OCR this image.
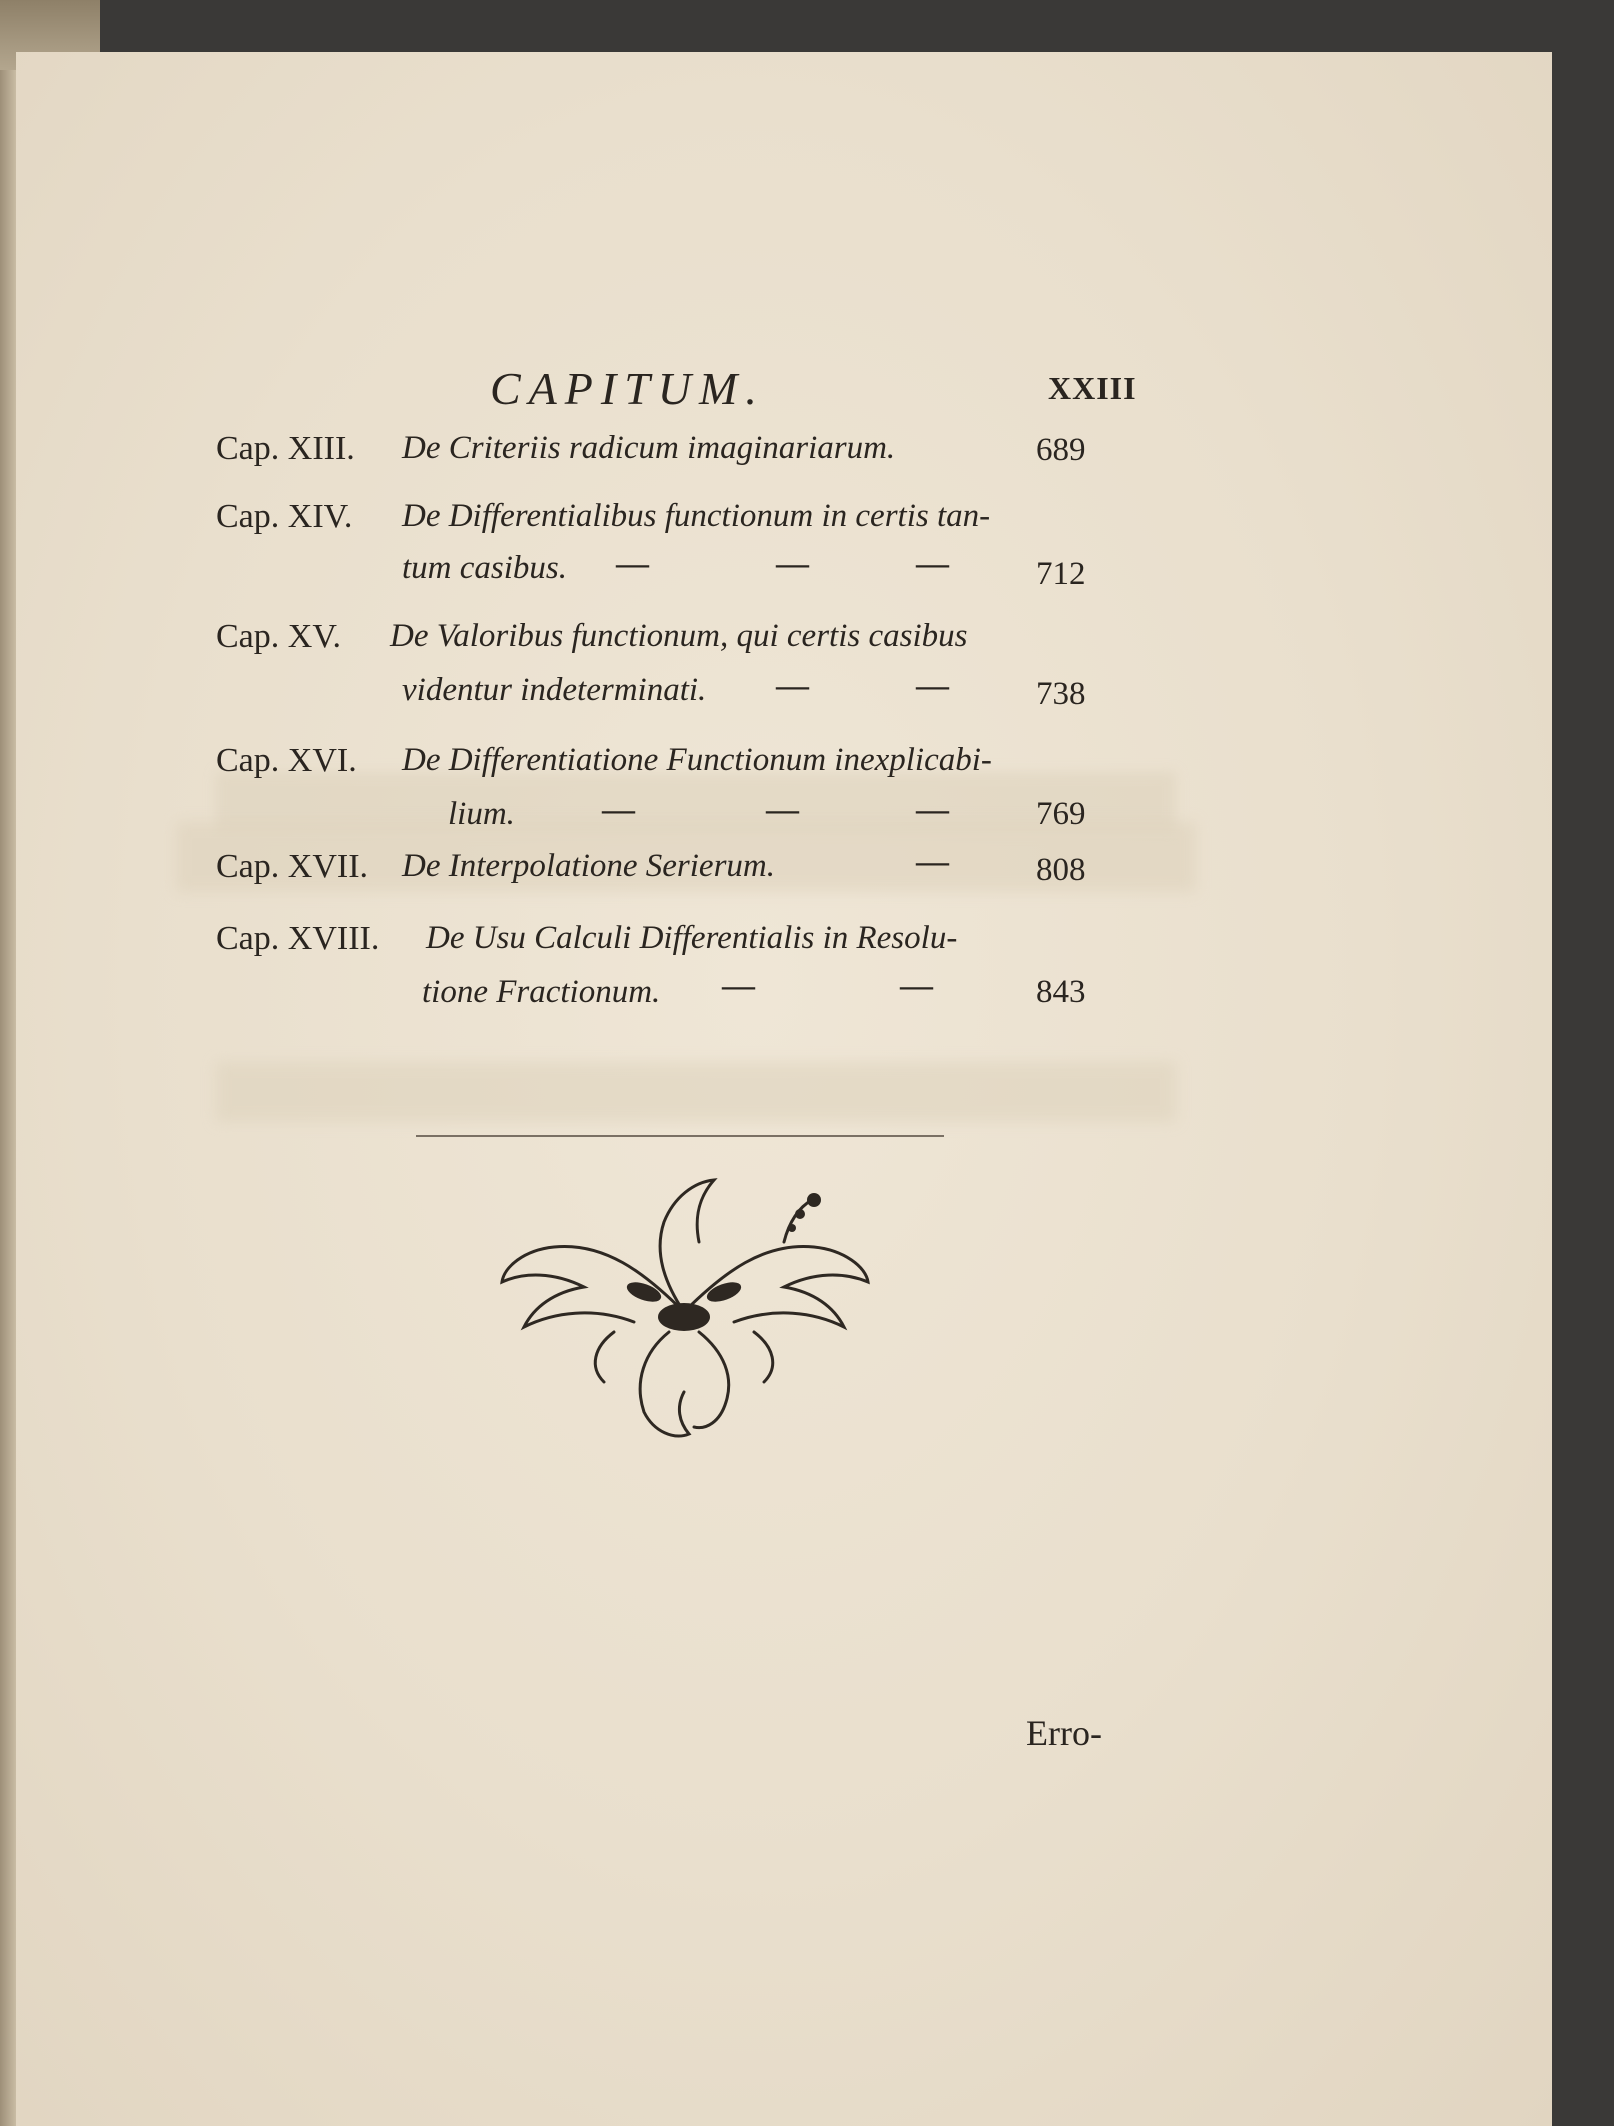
CAPITUM.	XXIII
Cap. XIII. De Criteriis radicum imaginariarum.	689
Cap. XIV. De Differentialibus functionum in certis tan-
tum casibus. —	—	—	712
Cap. XV. De Valoribus functionum, qui certis casibus
videntur indeterminati. —	—	738
Cap. XVI. De Differentiatione Functionum inexplicabi-
lium.	—	—	—	769
Cap. XVII. De Interpolatione Serierum.	—	808
Cap. XVIII. De Usu Calculi Differentialis in Resolu-
tione Fractionum. —	—	843
Erro-
